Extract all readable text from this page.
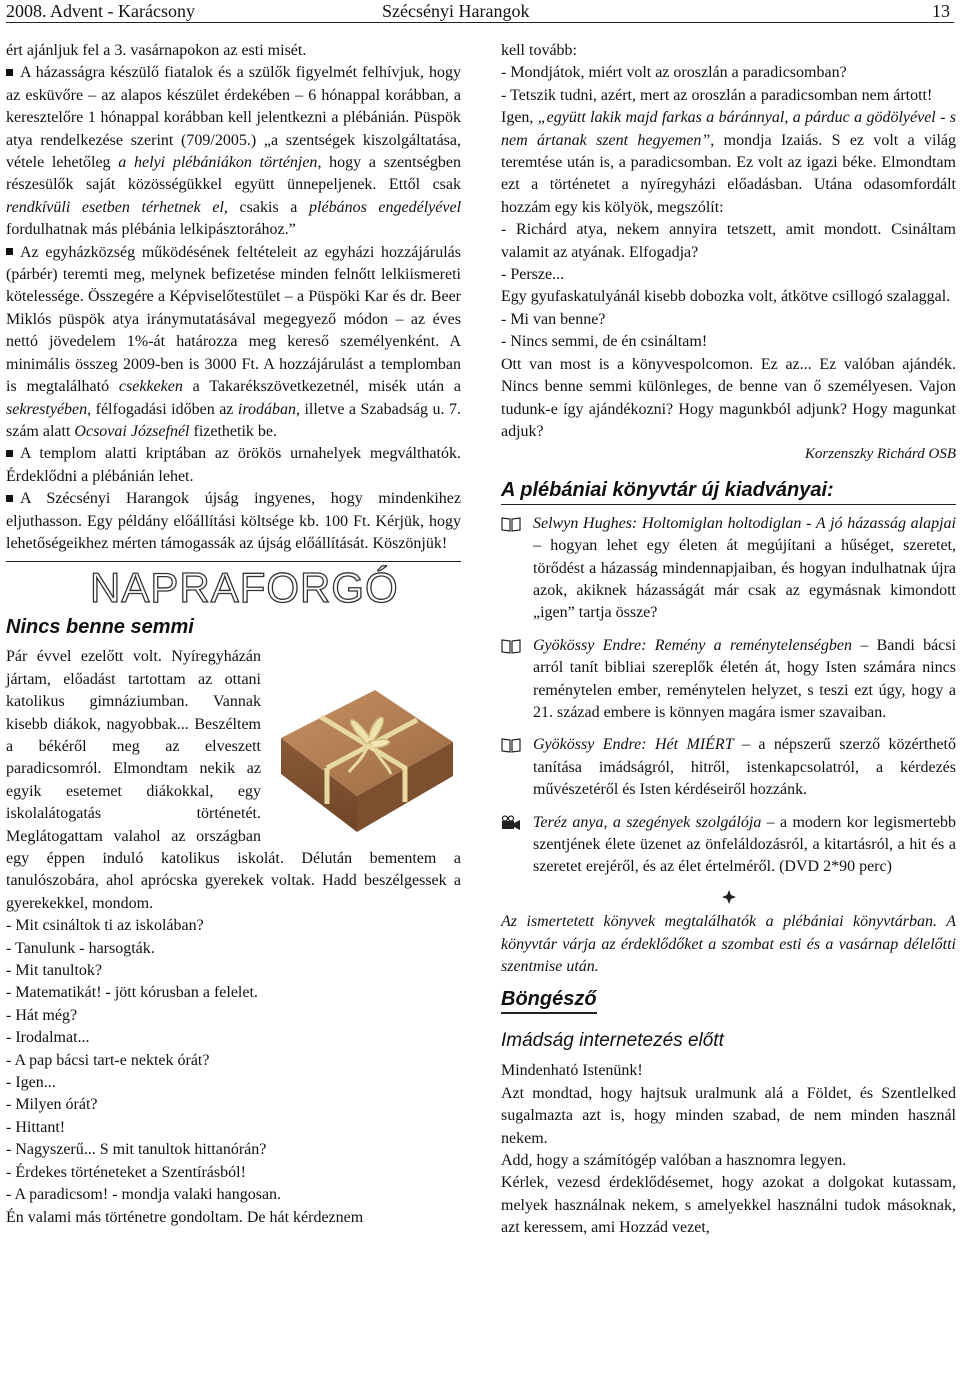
2008. Advent - Karácsony	Szécsényi Harangok	13

ért ajánljuk fel a 3. vasárnapokon az esti misét.

A házasságra készülő fiatalok és a szülők figyelmét felhívjuk, hogy az esküvőre – az alapos készület érdekében – 6 hónappal korábban, a keresztelőre 1 hónappal korábban kell jelentkezni a plébánián. Püspök atya rendelkezése szerint (709/2005.) „a szentségek kiszolgáltatása, vétele lehetőleg a helyi plébániákon történjen, hogy a szentségben részesülők saját közösségükkel együtt ünnepeljenek. Ettől csak rendkívüli esetben térhetnek el, csakis a plébános engedélyével fordulhatnak más plébánia lelkipásztorához.”

Az egyházközség működésének feltételeit az egyházi hozzájárulás (párbér) teremti meg, melynek befizetése minden felnőtt lelkiismereti kötelessége. Összegére a Képviselőtestület – a Püspöki Kar és dr. Beer Miklós püspök atya iránymutatásával megegyező módon – az éves nettó jövedelem 1%-át határozza meg kereső személyenként. A minimális összeg 2009-ben is 3000 Ft. A hozzájárulást a templomban is megtalálható csekkeken a Takarékszövetkezetnél, misék után a sekrestyében, félfogadási időben az irodában, illetve a Szabadság u. 7. szám alatt Ocsovai Józsefnél fizethetik be.

A templom alatti kriptában az örökös urnahelyek megválthatók. Érdeklődni a plébánián lehet.

A Szécsényi Harangok újság ingyenes, hogy mindenkihez eljuthasson. Egy példány előállítási költsége kb. 100 Ft. Kérjük, hogy lehetőségeikhez mérten támogassák az újság előállítását. Köszönjük!

NAPRAFORGÓ
Nincs benne semmi

Pár évvel ezelőtt volt. Nyíregyházán jártam, előadást tartottam az ottani katolikus gimnáziumban. Vannak kisebb diákok, nagyobbak... Beszéltem a békéről meg az elveszett paradicsomról. Elmondtam nekik az egyik esetemet diákokkal, egy iskolalátogatás történetét. Meglátogattam valahol az országban egy éppen induló katolikus iskolát. Délután bementem a tanulószobára, ahol aprócska gyerekek voltak. Hadd beszélgessek a gyerekekkel, mondom.

- Mit csináltok ti az iskolában?
- Tanulunk - harsogták.
- Mit tanultok?
- Matematikát! - jött kórusban a felelet.
- Hát még?
- Irodalmat...
- A pap bácsi tart-e nektek órát?
- Igen...
- Milyen órát?
- Hittant!
- Nagyszerű... S mit tanultok hittanórán?
- Érdekes történeteket a Szentírásból!
- A paradicsom! - mondja valaki hangosan.

Én valami más történetre gondoltam. De hát kérdeznem

kell tovább:

- Mondjátok, miért volt az oroszlán a paradicsomban?

- Tetszik tudni, azért, mert az oroszlán a paradicsomban nem ártott!

Igen, „együtt lakik majd farkas a báránnyal, a párduc a gödölyével - s nem ártanak szent hegyemen”, mondja Izaiás. S ez volt a világ teremtése után is, a paradicsomban. Ez volt az igazi béke. Elmondtam ezt a történetet a nyíregyházi előadásban. Utána odasomfordált hozzám egy kis kölyök, megszólít:

- Richárd atya, nekem annyira tetszett, amit mondott. Csináltam valamit az atyának. Elfogadja?

- Persze...

Egy gyufaskatulyánál kisebb dobozka volt, átkötve csillogó szalaggal.

- Mi van benne?

- Nincs semmi, de én csináltam!

Ott van most is a könyvespolcomon. Ez az... Ez valóban ajándék. Nincs benne semmi különleges, de benne van ő személyesen. Vajon tudunk-e így ajándékozni? Hogy magunkból adjunk? Hogy magunkat adjuk?

Korzenszky Richárd OSB

A plébániai könyvtár új kiadványai:
Selwyn Hughes: Holtomiglan holtodiglan - A jó házasság alapjai – hogyan lehet egy életen át megújítani a hűséget, szeretet, törődést a házasság mindennapjaiban, és hogyan indulhatnak újra azok, akiknek házasságát már csak az egymásnak kimondott „igen” tartja össze?
Gyökössy Endre: Remény a reménytelenségben – Bandi bácsi arról tanít bibliai szereplők életén át, hogy Isten számára nincs reménytelen ember, reménytelen helyzet, s teszi ezt úgy, hogy a 21. század embere is könnyen magára ismer szavaiban.
Gyökössy Endre: Hét MIÉRT – a népszerű szerző közérthető tanítása imádságról, hitről, istenkapcsolatról, a kérdezés művészetéről és Isten kérdéseiről hozzánk.
Teréz anya, a szegények szolgálója – a modern kor legismertebb szentjének élete üzenet az önfeláldozásról, a kitartásról, a hit és a szeretet erejéről, és az élet értelméről. (DVD 2*90 perc)

Az ismertetett könyvek megtalálhatók a plébániai könyvtárban. A könyvtár várja az érdeklődőket a szombat esti és a vasárnap délelőtti szentmise után.

Böngésző
Imádság internetezés előtt

Mindenható Istenünk!

Azt mondtad, hogy hajtsuk uralmunk alá a Földet, és Szentlelked sugalmazta azt is, hogy minden szabad, de nem minden használ nekem.

Add, hogy a számítógép valóban a hasznomra legyen.

Kérlek, vezesd érdeklődésemet, hogy azokat a dolgokat kutassam, melyek használnak nekem, s amelyekkel használni tudok másoknak, azt keressem, ami Hozzád vezet,
